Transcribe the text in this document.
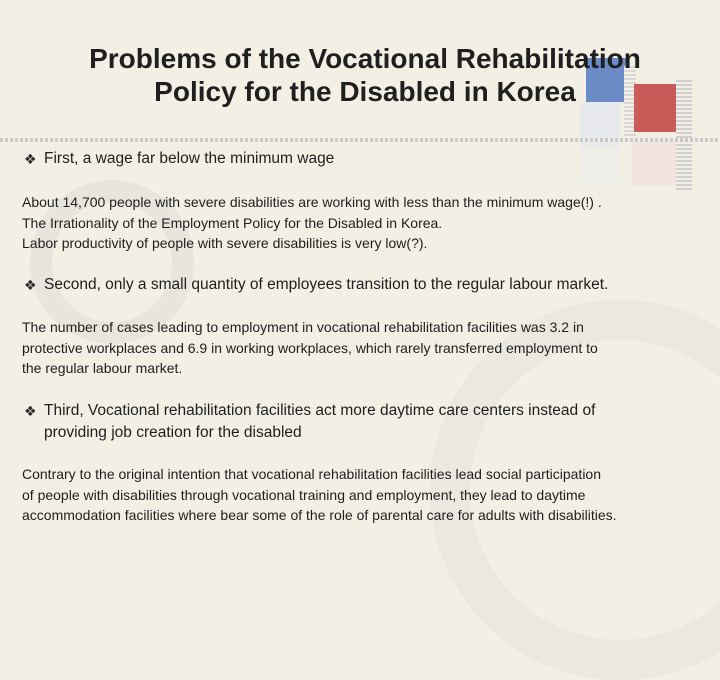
Problems of the Vocational Rehabilitation
Policy for the Disabled in Korea
❖ First, a wage far below the minimum wage

About 14,700 people with severe disabilities are working with less than the minimum wage(!) .
The Irrationality of the Employment Policy for the Disabled in Korea.
Labor productivity of people with severe disabilities is very low(?).

❖ Second, only a small quantity of employees transition to the regular labour market.

The number of cases leading to employment in vocational rehabilitation facilities was 3.2 in
protective workplaces and 6.9 in working workplaces, which rarely transferred employment to
the regular labour market.

❖ Third, Vocational rehabilitation facilities act more daytime care centers instead of
providing job creation for the disabled

Contrary to the original intention that vocational rehabilitation facilities lead social participation
of people with disabilities through vocational training and employment, they lead to daytime
accommodation facilities where bear some of the role of parental care for adults with disabilities.
